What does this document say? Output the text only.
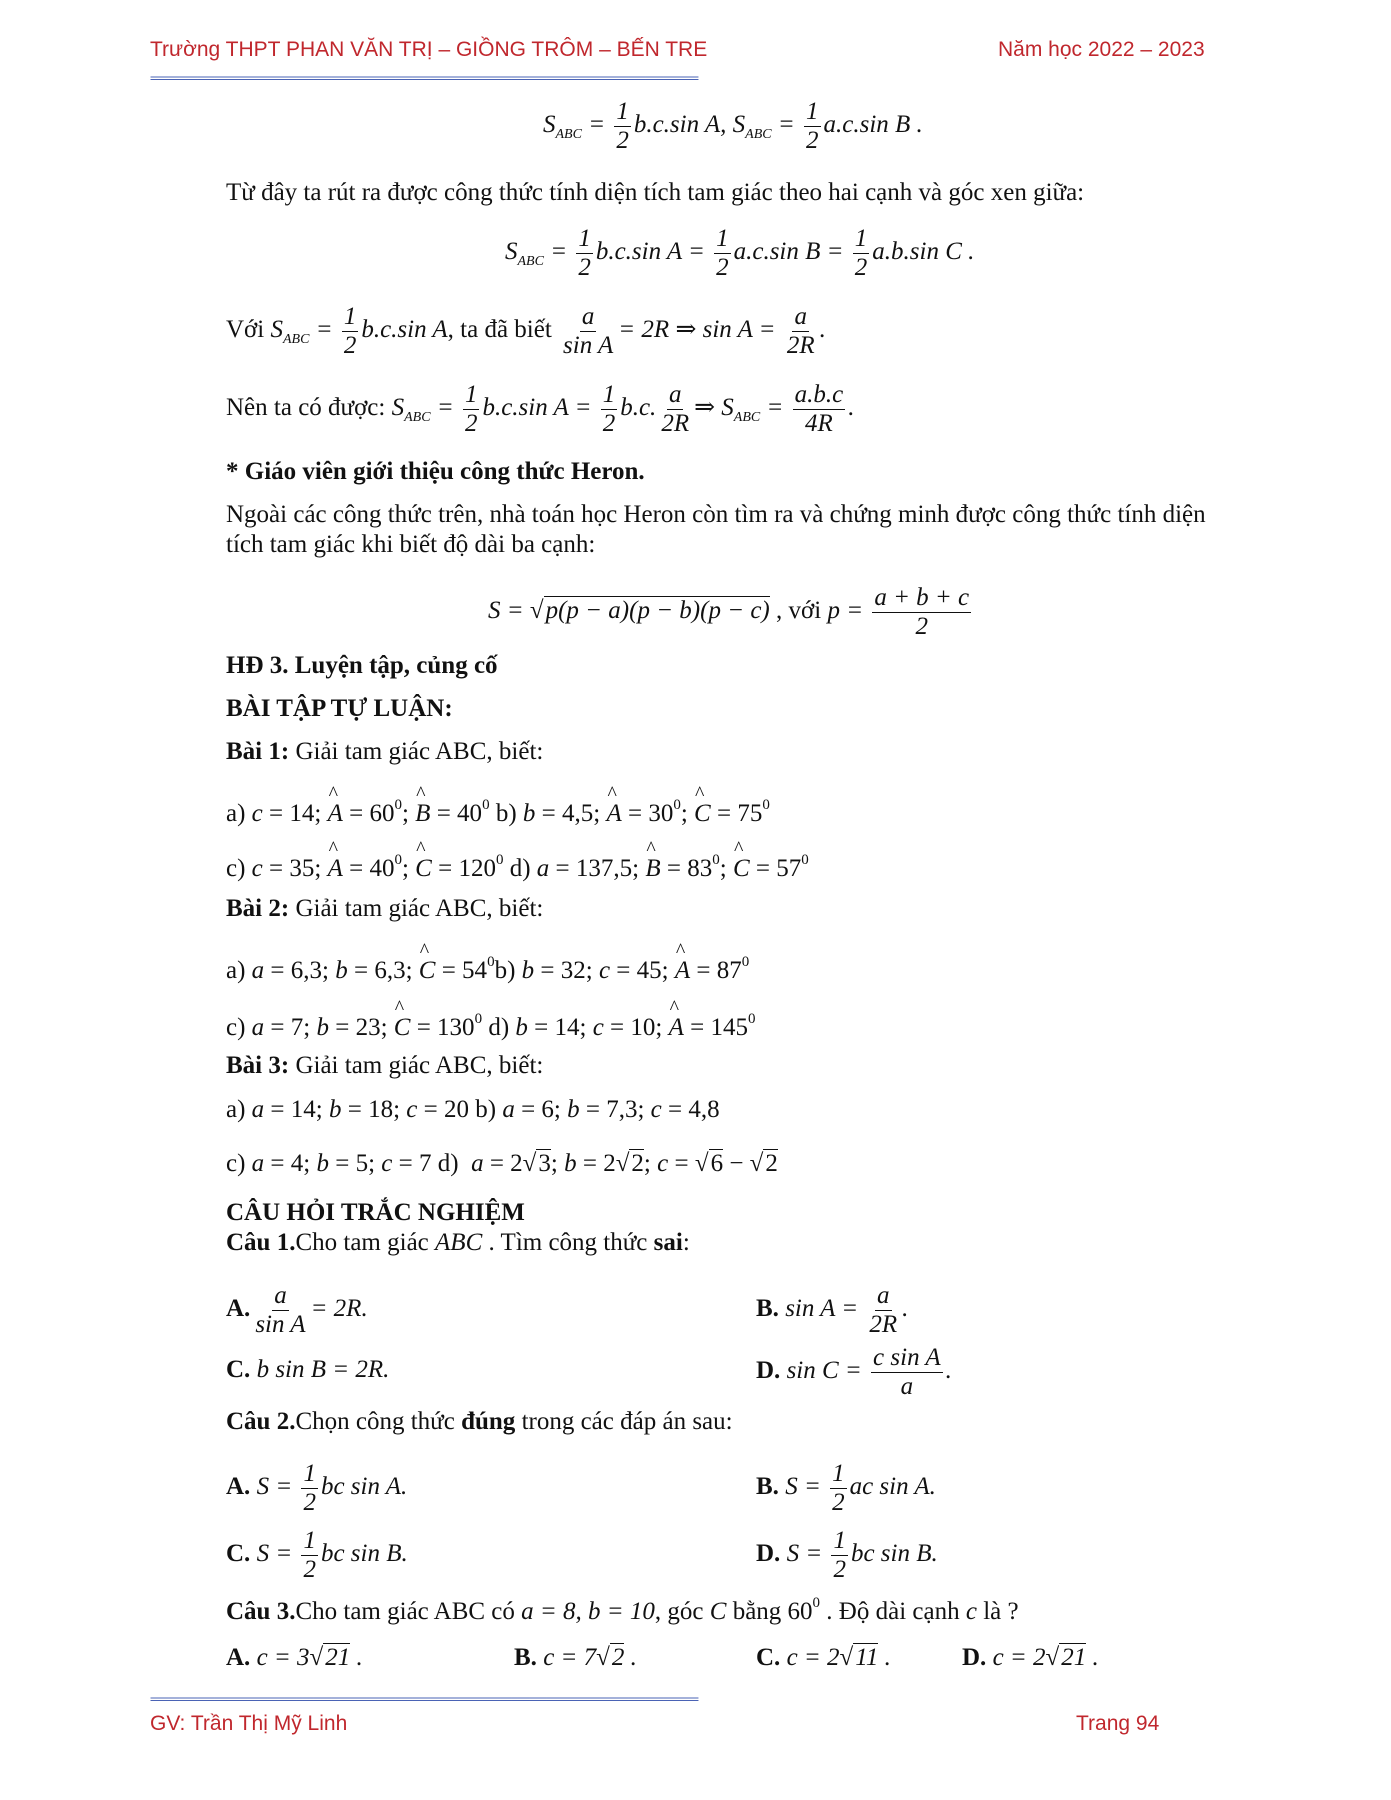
Trường THPT PHAN VĂN TRỊ – GIỒNG TRÔM – BẾN TRE	Năm học 2022 – 2023
==============================================================================================
$S_{ABC} = \frac{1}{2} b.c.\sin$ A, $S_{ABC} = \frac{1}{2} a.c.\sin$ B .
Từ đây ta rút ra được công thức tính diện tích tam giác theo hai cạnh và góc xen giữa:
$S_{ABC} = \frac{1}{2} b.c.\sin$ $A = \frac{1}{2} a.c.\sin$ $B = \frac{1}{2} a.b.\sin$ C .
Với $S_{ABC} = \frac{1}{2} b.c.\sin$ A, ta đã biết $\frac{a}{\text{sin A}} = 2R$ ⇒ $\sin A = \frac{a}{2R}$ .
Nên ta có được: $S_{ABC} = \frac{1}{2} b.c.\sin$ $A = \frac{1}{2} b.c$. $\frac{a}{2R}$ ⇒ $S_{ABC} = \frac{a.b.c}{4R}$ .
* Giáo viên giới thiệu công thức Heron.
Ngoài các công thức trên, nhà toán học Heron còn tìm ra và chứng minh được công thức tính diện
tích tam giác khi biết độ dài ba cạnh:
S = √p(p − a)(p − b)(p − c) , với $p = \frac{a + b + c}{2}$
HĐ 3. Luyện tập, củng cố
BÀI TẬP TỰ LUẬN:
Bài 1: Giải tam giác ABC, biết:
a) c = 14; ^ $A = 60^0$; ^ $B = 40^0$ b) b = 4,5; ^ $A = 30^0$; ^ $C = 75^0$
c) c = 35; ^ $A = 40^0$; ^ $C = 120^0$ d) a = 137,5; ^ $B = 83^0$; ^ $C = 57^0$
Bài 2: Giải tam giác ABC, biết:
a) a = 6,3; b = 6,3; ^ $C = 54^0b$) b = 32; c = 45; ^ $A = 87^0$
c) a = 7; b = 23; ^ $C = 130^0$ d) b = 14; c = 10; ^ $A = 145^0$
Bài 3: Giải tam giác ABC, biết:
a) a = 14; b = 18; c = 20 b) a = 6; b = 7,3; c = 4,8
c) a = 4; b = 5; c = 7 d)  a = 2√3; b = 2√2; c = √6 − √2
CÂU HỎI TRẮC NGHIỆM
Câu 1.Cho tam giác ABC . Tìm công thức sai:
A. $\frac{a}{\text{sin A}} = 2R$.	B. $\sin A = \frac{a}{2R}$ .
C. b sin B = 2R.	D. $\sin C = \frac{\text{c sin A}}{a}$ .
Câu 2.Chọn công thức đúng trong các đáp án sau:
A. $S = \frac{1}{2}$ bc sin A.	B. $S = \frac{1}{2}$ ac sin A.
C. $S = \frac{1}{2}$ bc sin B.	D. $S = \frac{1}{2}$ bc sin B.
Câu 3.Cho tam giác ABC có a = 8, b = 10, góc C bằng $60^0$ . Độ dài cạnh c là ?
A. c = 3√21 .	B. c = 7√2 .	C. c = 2√11 .	D. c = 2√21 .
==============================================================================================
GV: Trần Thị Mỹ Linh	Trang 94
